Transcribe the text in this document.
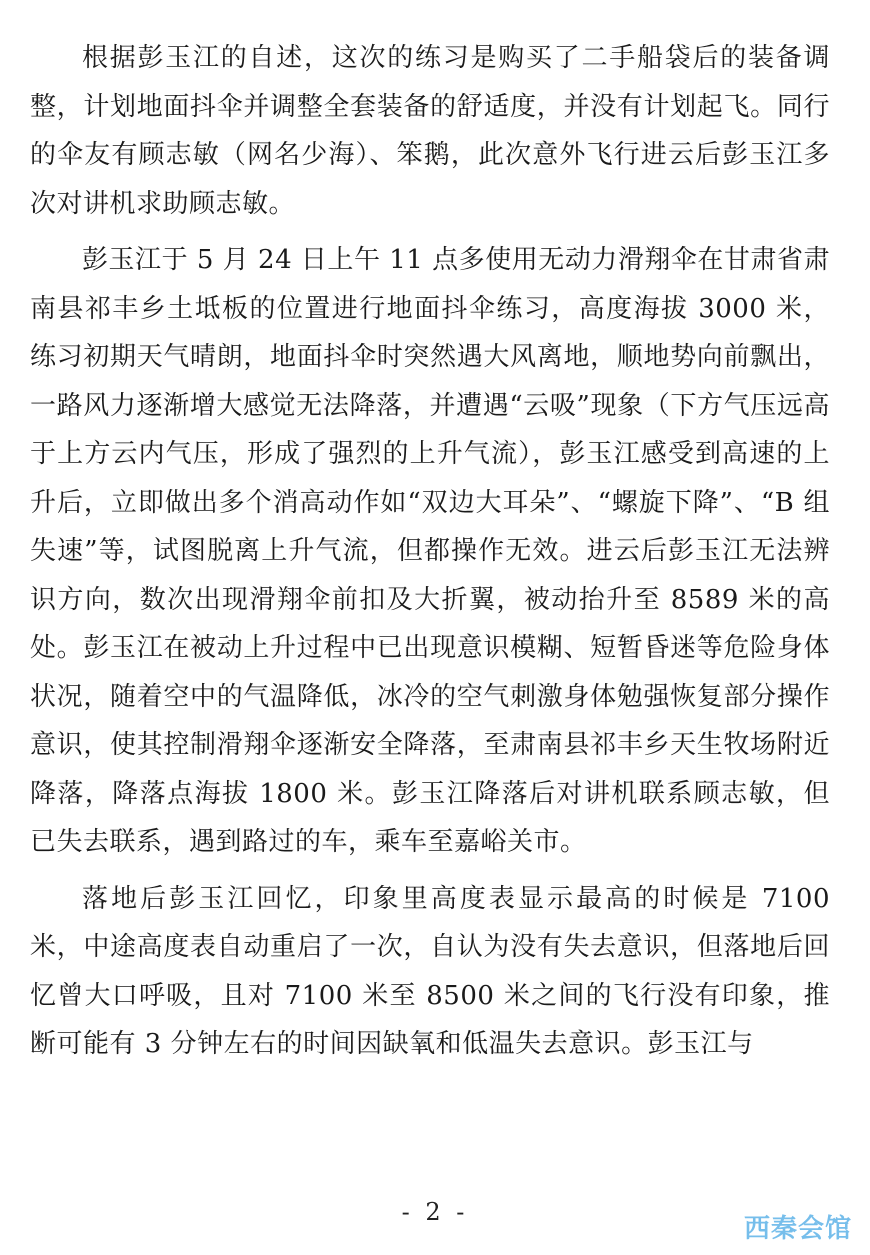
根据彭玉江的自述，这次的练习是购买了二手船袋后的装备调整，计划地面抖伞并调整全套装备的舒适度，并没有计划起飞。同行的伞友有顾志敏（网名少海）、笨鹅，此次意外飞行进云后彭玉江多次对讲机求助顾志敏。

彭玉江于 5 月 24 日上午 11 点多使用无动力滑翔伞在甘肃省肃南县祁丰乡土坻板的位置进行地面抖伞练习，高度海拔 3000 米，练习初期天气晴朗，地面抖伞时突然遇大风离地，顺地势向前飘出，一路风力逐渐增大感觉无法降落，并遭遇“云吸”现象（下方气压远高于上方云内气压，形成了强烈的上升气流），彭玉江感受到高速的上升后，立即做出多个消高动作如“双边大耳朵”、“螺旋下降”、“B 组失速”等，试图脱离上升气流，但都操作无效。进云后彭玉江无法辨识方向，数次出现滑翔伞前扣及大折翼，被动抬升至 8589 米的高处。彭玉江在被动上升过程中已出现意识模糊、短暂昏迷等危险身体状况，随着空中的气温降低，冰冷的空气刺激身体勉强恢复部分操作意识，使其控制滑翔伞逐渐安全降落，至肃南县祁丰乡天生牧场附近降落，降落点海拔 1800 米。彭玉江降落后对讲机联系顾志敏，但已失去联系，遇到路过的车，乘车至嘉峪关市。

落地后彭玉江回忆，印象里高度表显示最高的时候是 7100 米，中途高度表自动重启了一次，自认为没有失去意识，但落地后回忆曾大口呼吸，且对 7100 米至 8500 米之间的飞行没有印象，推断可能有 3 分钟左右的时间因缺氧和低温失去意识。彭玉江与

- 2 -
西秦会馆
